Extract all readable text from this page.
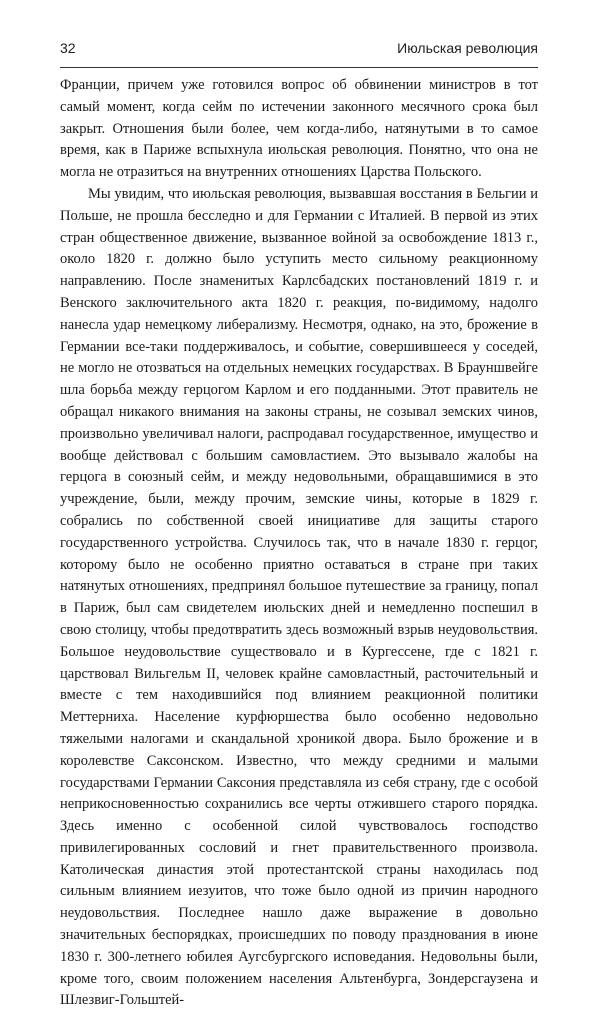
32	Июльская революция

Франции, причем уже готовился вопрос об обвинении министров в тот самый момент, когда сейм по истечении законного месячного срока был закрыт. Отношения были более, чем когда-либо, натянутыми в то самое время, как в Париже вспыхнула июльская революция. Понятно, что она не могла не отразиться на внутренних отношениях Царства Польского.

Мы увидим, что июльская революция, вызвавшая восстания в Бельгии и Польше, не прошла бесследно и для Германии с Италией. В первой из этих стран общественное движение, вызванное войной за освобождение 1813 г., около 1820 г. должно было уступить место сильному реакционному направлению. После знаменитых Карлсбадских постановлений 1819 г. и Венского заключительного акта 1820 г. реакция, по-видимому, надолго нанесла удар немецкому либерализму. Несмотря, однако, на это, брожение в Германии все-таки поддерживалось, и событие, совершившееся у соседей, не могло не отозваться на отдельных немецких государствах. В Брауншвейге шла борьба между герцогом Карлом и его подданными. Этот правитель не обращал никакого внимания на законы страны, не созывал земских чинов, произвольно увеличивал налоги, распродавал государственное, имущество и вообще действовал с большим самовластием. Это вызывало жалобы на герцога в союзный сейм, и между недовольными, обращавшимися в это учреждение, были, между прочим, земские чины, которые в 1829 г. собрались по собственной своей инициативе для защиты старого государственного устройства. Случилось так, что в начале 1830 г. герцог, которому было не особенно приятно оставаться в стране при таких натянутых отношениях, предпринял большое путешествие за границу, попал в Париж, был сам свидетелем июльских дней и немедленно поспешил в свою столицу, чтобы предотвратить здесь возможный взрыв неудовольствия. Большое неудовольствие существовало и в Кургессене, где с 1821 г. царствовал Вильгельм II, человек крайне самовластный, расточительный и вместе с тем находившийся под влиянием реакционной политики Меттерниха. Население курфюршества было особенно недовольно тяжелыми налогами и скандальной хроникой двора. Было брожение и в королевстве Саксонском. Известно, что между средними и малыми государствами Германии Саксония представляла из себя страну, где с особой неприкосновенностью сохранились все черты отжившего старого порядка. Здесь именно с особенной силой чувствовалось господство привилегированных сословий и гнет правительственного произвола. Католическая династия этой протестантской страны находилась под сильным влиянием иезуитов, что тоже было одной из причин народного неудовольствия. Последнее нашло даже выражение в довольно значительных беспорядках, происшедших по поводу празднования в июне 1830 г. 300-летнего юбилея Аугсбургского исповедания. Недовольны были, кроме того, своим положением населения Альтенбурга, Зондерсгаузена и Шлезвиг-Гольштей-
